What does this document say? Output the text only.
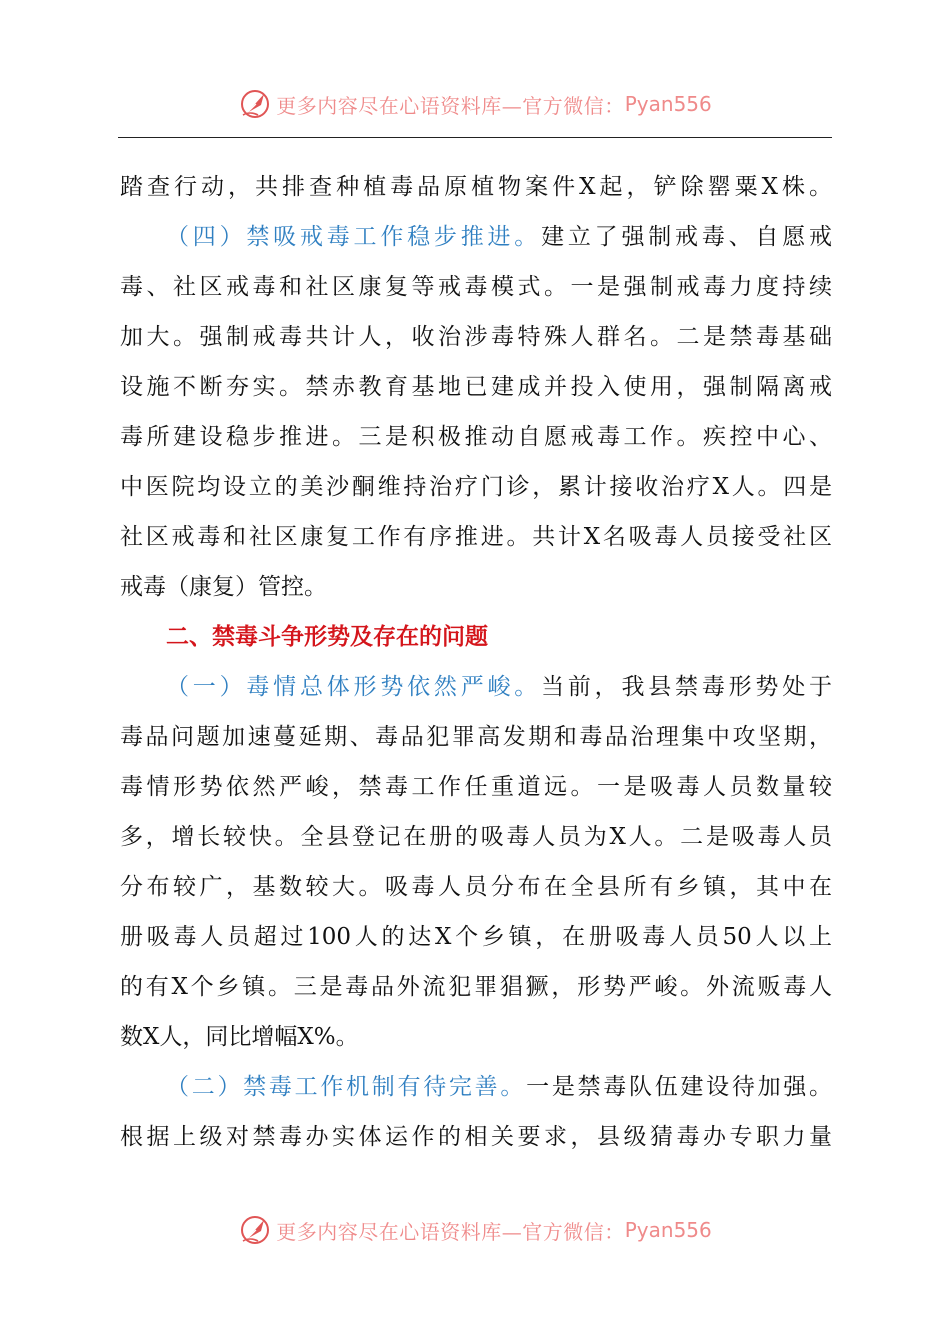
更多内容尽在心语资料库—官方微信： Pyan556
踏查行动，共排查种植毒品原植物案件X起，铲除罂粟X株。
（四）禁吸戒毒工作稳步推进。建立了强制戒毒、自愿戒
毒、社区戒毒和社区康复等戒毒模式。一是强制戒毒力度持续
加大。强制戒毒共计人，收治涉毒特殊人群名。二是禁毒基础
设施不断夯实。禁赤教育基地已建成并投入使用，强制隔离戒
毒所建设稳步推进。三是积极推动自愿戒毒工作。疾控中心、
中医院均设立的美沙酮维持治疗门诊，累计接收治疗X人。四是
社区戒毒和社区康复工作有序推进。共计X名吸毒人员接受社区
戒毒（康复）管控。
二、禁毒斗争形势及存在的问题
（一）毒情总体形势依然严峻。当前，我县禁毒形势处于
毒品问题加速蔓延期、毒品犯罪高发期和毒品治理集中攻坚期，
毒情形势依然严峻，禁毒工作任重道远。一是吸毒人员数量较
多，增长较快。全县登记在册的吸毒人员为X人。二是吸毒人员
分布较广，基数较大。吸毒人员分布在全县所有乡镇，其中在
册吸毒人员超过100人的达X个乡镇，在册吸毒人员50人以上
的有X个乡镇。三是毒品外流犯罪猖獗，形势严峻。外流贩毒人
数X人，同比增幅X%。
（二）禁毒工作机制有待完善。一是禁毒队伍建设待加强。
根据上级对禁毒办实体运作的相关要求，县级猜毒办专职力量
更多内容尽在心语资料库—官方微信： Pyan556
